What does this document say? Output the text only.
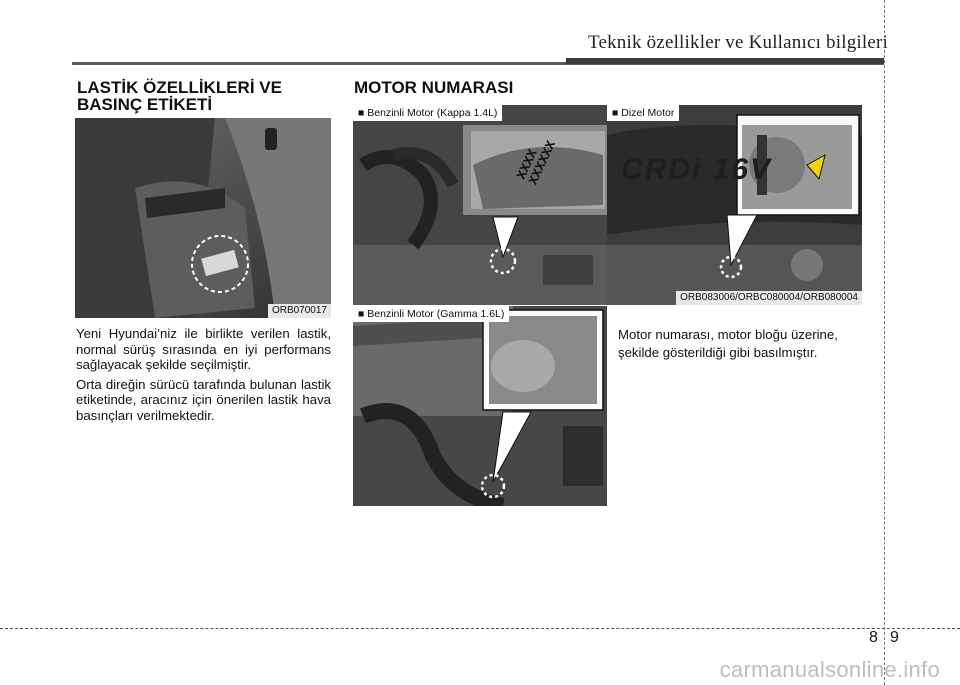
Teknik özellikler ve Kullanıcı bilgileri
LASTİK ÖZELLİKLERİ VE
BASINÇ ETİKETİ
ORB070017

Yeni Hyundai’niz ile birlikte verilen lastik, normal sürüş sırasında en iyi performans sağlayacak şekilde seçilmiştir.

Orta direğin sürücü tarafında bulunan lastik etiketinde, aracınız için önerilen lastik hava basınçları verilmektedir.

MOTOR NUMARASI
XXXX
XXXXXX
■ Benzinli Motor (Kappa 1.4L)
CRDi 16V
■ Dizel Motor
ORB083006/ORBC080004/ORB080004
■ Benzinli Motor (Gamma 1.6L)
Motor numarası, motor bloğu üzerine, şekilde gösterildiği gibi basılmıştır.
8 9
carmanualsonline.info
